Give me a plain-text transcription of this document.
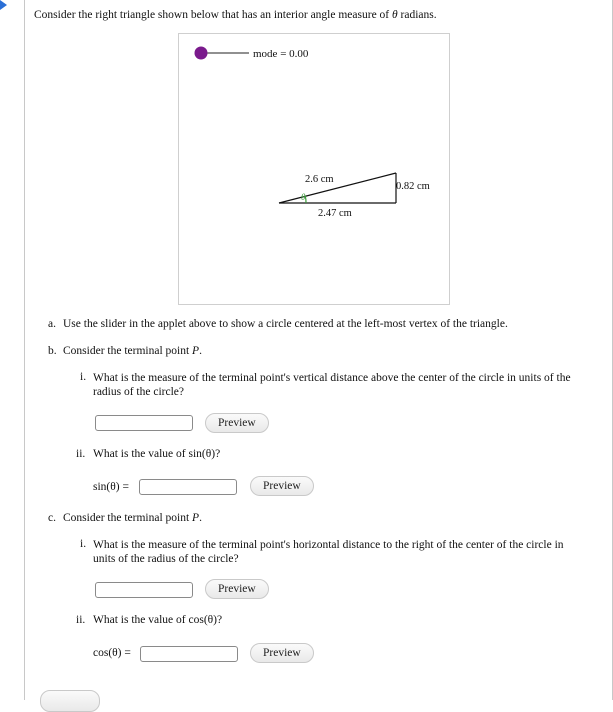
Consider the right triangle shown below that has an interior angle measure of θ radians.
mode = 0.00
θ
2.6 cm
0.82 cm
2.47 cm
a. Use the slider in the applet above to show a circle centered at the left-most vertex of the triangle.
b. Consider the terminal point P.
i. What is the measure of the terminal point's vertical distance above the center of the circle in units of the radius of the circle?
Preview
ii. What is the value of sin(θ)?
sin(θ) =	Preview
c. Consider the terminal point P.
i. What is the measure of the terminal point's horizontal distance to the right of the center of the circle in units of the radius of the circle?
Preview
ii. What is the value of cos(θ)?
cos(θ) =	Preview
